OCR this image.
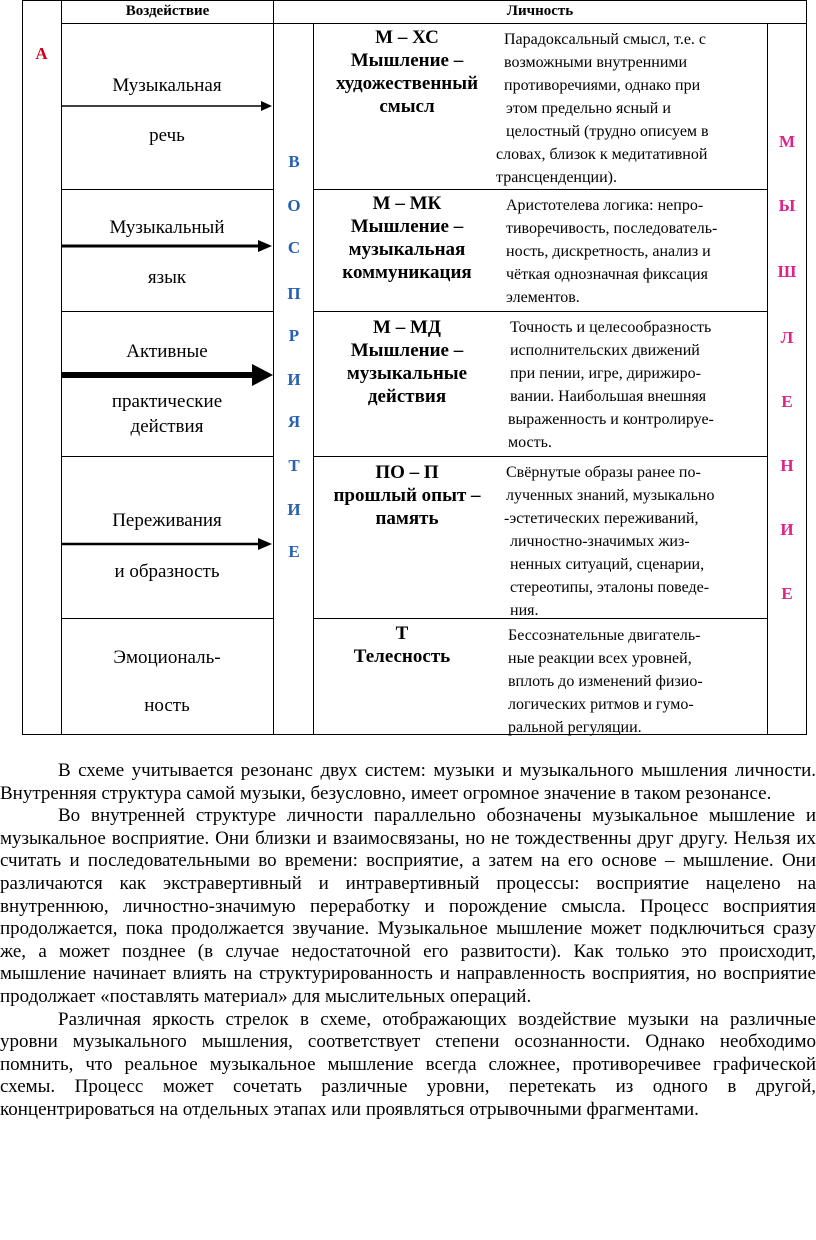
Воздействие	Личность
А
В
О
С
П
Р
И
Я
Т
И
Е
М
Ы
Ш
Л
Е
Н
И
Е
Музыкальная
речь
М – ХС
Мышление –
художественный
смысл
Парадоксальный смысл, т.е. с
возможными внутренними
противоречиями, однако при
этом предельно ясный и
целостный (трудно описуем в
словах, близок к медитативной
трансценденции).
Музыкальный
язык
М – МК
Мышление –
музыкальная
коммуникация
Аристотелева логика: непро-
тиворечивость, последователь-
ность, дискретность, анализ и
чёткая однозначная фиксация
элементов.
Активные
практические
действия
М – МД
Мышление –
музыкальные
действия
Точность и целесообразность
исполнительских движений
при пении, игре, дирижиро-
вании. Наибольшая внешняя
выраженность и контролируе-
мость.
Переживания
и образность
ПО – П
прошлый опыт –
память
Свёрнутые образы ранее по-
лученных знаний, музыкально
-эстетических переживаний,
личностно-значимых жиз-
ненных ситуаций, сценарии,
стереотипы, эталоны поведе-
ния.
Эмоциональ-
ность
Т
Телесность
Бессознательные двигатель-
ные реакции всех уровней,
вплоть до изменений физио-
логических ритмов и гумо-
ральной регуляции.

В схеме учитывается резонанс двух систем: музыки и музыкального мышления личности. Внутренняя структура самой музыки, безусловно, имеет огромное значение в таком резонансе.

Во внутренней структуре личности параллельно обозначены музыкальное мышление и музыкальное восприятие. Они близки и взаимосвязаны, но не тождественны друг другу. Нельзя их считать и последовательными во времени: восприятие, а затем на его основе – мышление. Они различаются как экстравертивный и интравертивный процессы: восприятие нацелено на внутреннюю, личностно-значимую переработку и порождение смысла. Процесс восприятия продолжается, пока продолжается звучание. Музыкальное мышление может подключиться сразу же, а может позднее (в случае недостаточной его развитости). Как только это происходит, мышление начинает влиять на структурированность и направленность восприятия, но восприятие продолжает «поставлять материал» для мыслительных операций.

Различная яркость стрелок в схеме, отображающих воздействие музыки на различные уровни музыкального мышления, соответствует степени осознанности. Однако необходимо помнить, что реальное музыкальное мышление всегда сложнее, противоречивее графической схемы. Процесс может сочетать различные уровни, перетекать из одного в другой, концентрироваться на отдельных этапах или проявляться отрывочными фрагментами.
